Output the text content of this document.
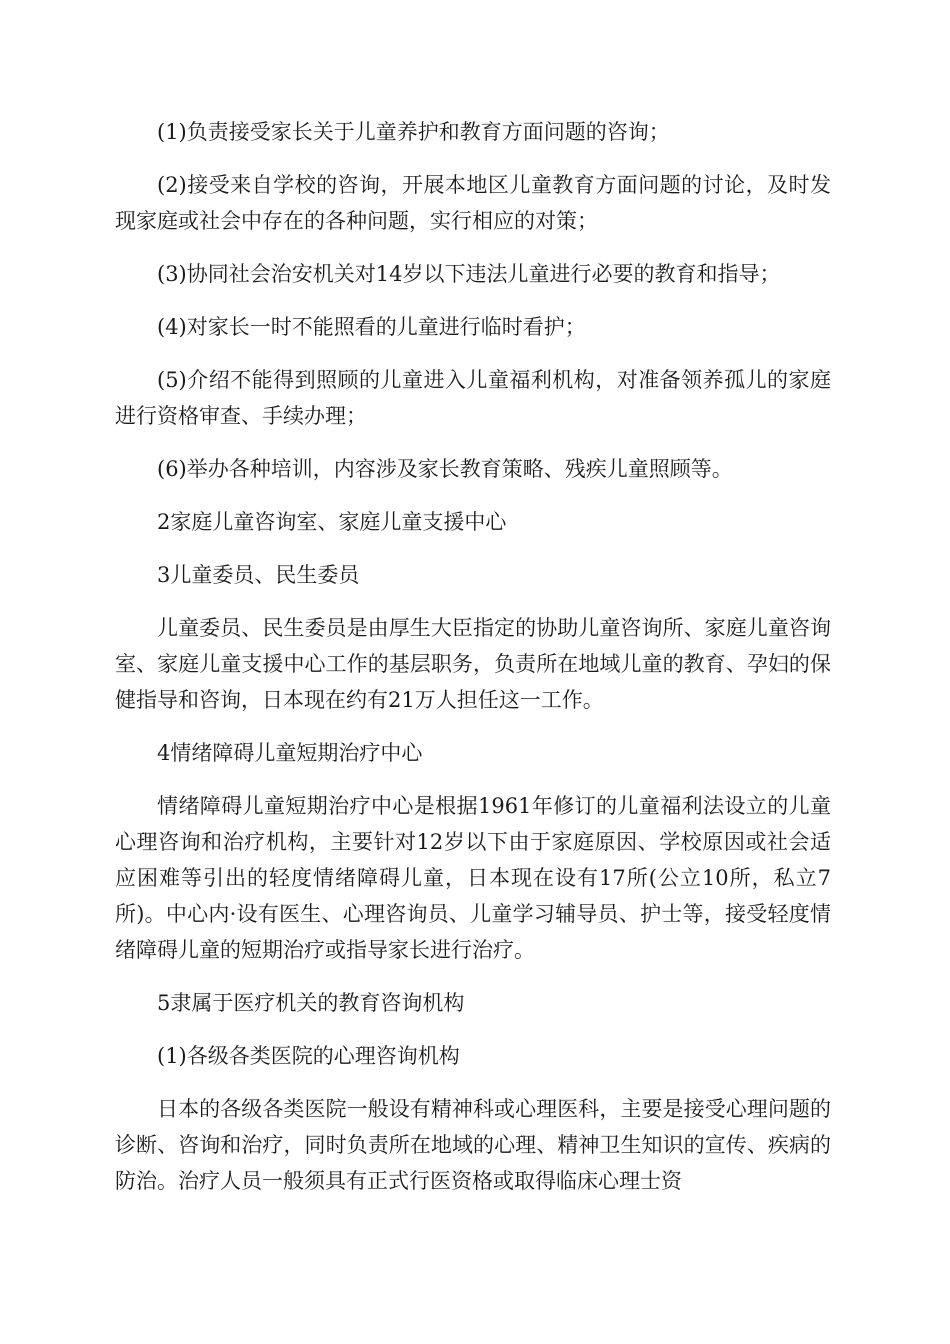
(1)负责接受家长关于儿童养护和教育方面问题的咨询；

(2)接受来自学校的咨询，开展本地区儿童教育方面问题的讨论，及时发现家庭或社会中存在的各种问题，实行相应的对策；

(3)协同社会治安机关对14岁以下违法儿童进行必要的教育和指导；

(4)对家长一时不能照看的儿童进行临时看护；

(5)介绍不能得到照顾的儿童进入儿童福利机构，对准备领养孤儿的家庭进行资格审查、手续办理；

(6)举办各种培训，内容涉及家长教育策略、残疾儿童照顾等。

2家庭儿童咨询室、家庭儿童支援中心

3儿童委员、民生委员

儿童委员、民生委员是由厚生大臣指定的协助儿童咨询所、家庭儿童咨询室、家庭儿童支援中心工作的基层职务，负责所在地域儿童的教育、孕妇的保健指导和咨询，日本现在约有21万人担任这一工作。

4情绪障碍儿童短期治疗中心

情绪障碍儿童短期治疗中心是根据1961年修订的儿童福利法设立的儿童心理咨询和治疗机构，主要针对12岁以下由于家庭原因、学校原因或社会适应困难等引出的轻度情绪障碍儿童，日本现在设有17所(公立10所，私立7所)。中心内·设有医生、心理咨询员、儿童学习辅导员、护士等，接受轻度情绪障碍儿童的短期治疗或指导家长进行治疗。

5隶属于医疗机关的教育咨询机构

(1)各级各类医院的心理咨询机构

日本的各级各类医院一般设有精神科或心理医科，主要是接受心理问题的诊断、咨询和治疗，同时负责所在地域的心理、精神卫生知识的宣传、疾病的防治。治疗人员一般须具有正式行医资格或取得临床心理士资
